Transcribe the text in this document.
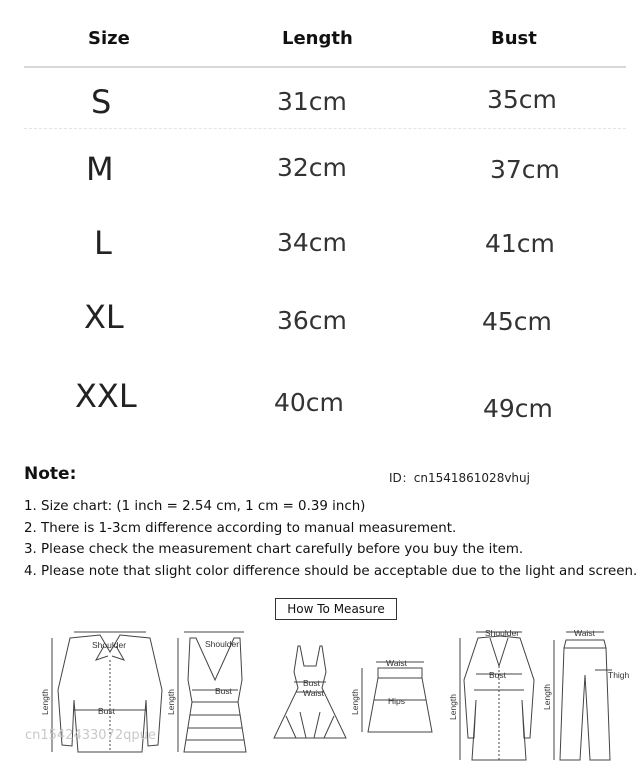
Size	Length	Bust
S	31cm	35cm
M	32cm	37cm
L	34cm	41cm
XL	36cm	45cm
XXL	40cm	49cm
Note:	ID：cn1541861028vhuj
1. Size chart: (1 inch = 2.54 cm, 1 cm = 0.39 inch)
2. There is 1-3cm difference according to manual measurement.
3. Please check the measurement chart carefully before you buy the item.
4. Please note that slight color difference should be acceptable due to the light and screen.
How To Measure
Shoulder
Bust
Length
Shoulder
Bust
Length
Bust
Waist
Waist
Hips
Length
Shoulder
Bust
Length
Waist
Thigh
Length
cn1542433072qpue
